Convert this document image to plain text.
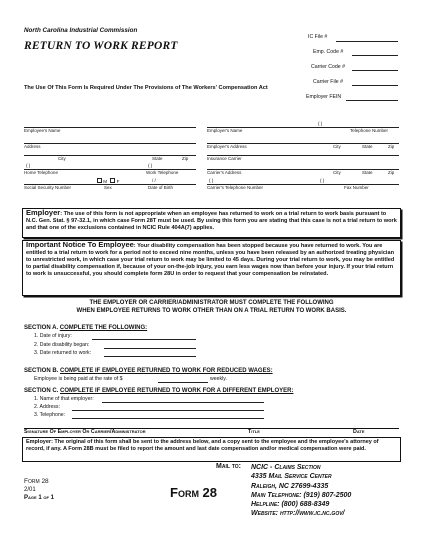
North Carolina Industrial Commission
RETURN TO WORK REPORT
The Use Of This Form Is Required Under The Provisions of The Workers' Compensation Act
IC File #
Emp. Code #
Carrier Code #
Carrier File #
Employer FEIN
Employee's Name
Address
City	State	Zip
( )	( )
Home Telephone	Work Telephone
M F	/ /
Social Security Number	Sex	Date of Birth
( )
Employer's Name	Telephone Number
Employer's Address	City	State	Zip
Insurance Carrier
Carrier's Address	City	State	Zip
( )	( )
Carrier's Telephone Number	Fax Number
Employer: The use of this form is not appropriate when an employee has returned to work on a trial return to work basis pursuant to N.C. Gen. Stat. § 97-32.1, in which case Form 28T must be used. By using this form you are stating that this case is not a trial return to work and that one of the exclusions contained in NCIC Rule 404A(7) applies.
Important Notice To Employee: Your disability compensation has been stopped because you have returned to work. You are entitled to a trial return to work for a period not to exceed nine months, unless you have been released by an authorized treating physician to unrestricted work, in which case your trial return to work may be limited to 45 days. During your trial return to work, you may be entitled to partial disability compensation if, because of your on-the-job injury, you earn less wages now than before your injury. If your trial return to work is unsuccessful, you should complete form 28U in order to request that your compensation be reinstated.
THE EMPLOYER OR CARRIER/ADMINISTRATOR MUST COMPLETE THE FOLLOWING
WHEN EMPLOYEE RETURNS TO WORK OTHER THAN ON A TRIAL RETURN TO WORK BASIS.
SECTION A. COMPLETE THE FOLLOWING:
1. Date of injury:
2. Date disability began:
3. Date returned to work:
SECTION B. COMPLETE IF EMPLOYEE RETURNED TO WORK FOR REDUCED WAGES:
Employee is being paid at the rate of $	weekly.
SECTION C. COMPLETE IF EMPLOYEE RETURNED TO WORK FOR A DIFFERENT EMPLOYER:
1. Name of that employer:
2. Address:
3. Telephone:
Signature Of Employer Or Carrier/Administrator	Title	Date
Employer: The original of this form shall be sent to the address below, and a copy sent to the employee and the employee's attorney of record, if any. A Form 28B must be filed to report the amount and last date compensation and/or medical compensation were paid.
Form 28
2/01
Page 1 of 1	Form 28
Mail to: NCIC - Claims Section
4335 Mail Service Center
Raleigh, NC 27699-4335
Main Telephone: (919) 807-2500
Helpline: (800) 688-8349
Website: http://www.ic.nc.gov/
